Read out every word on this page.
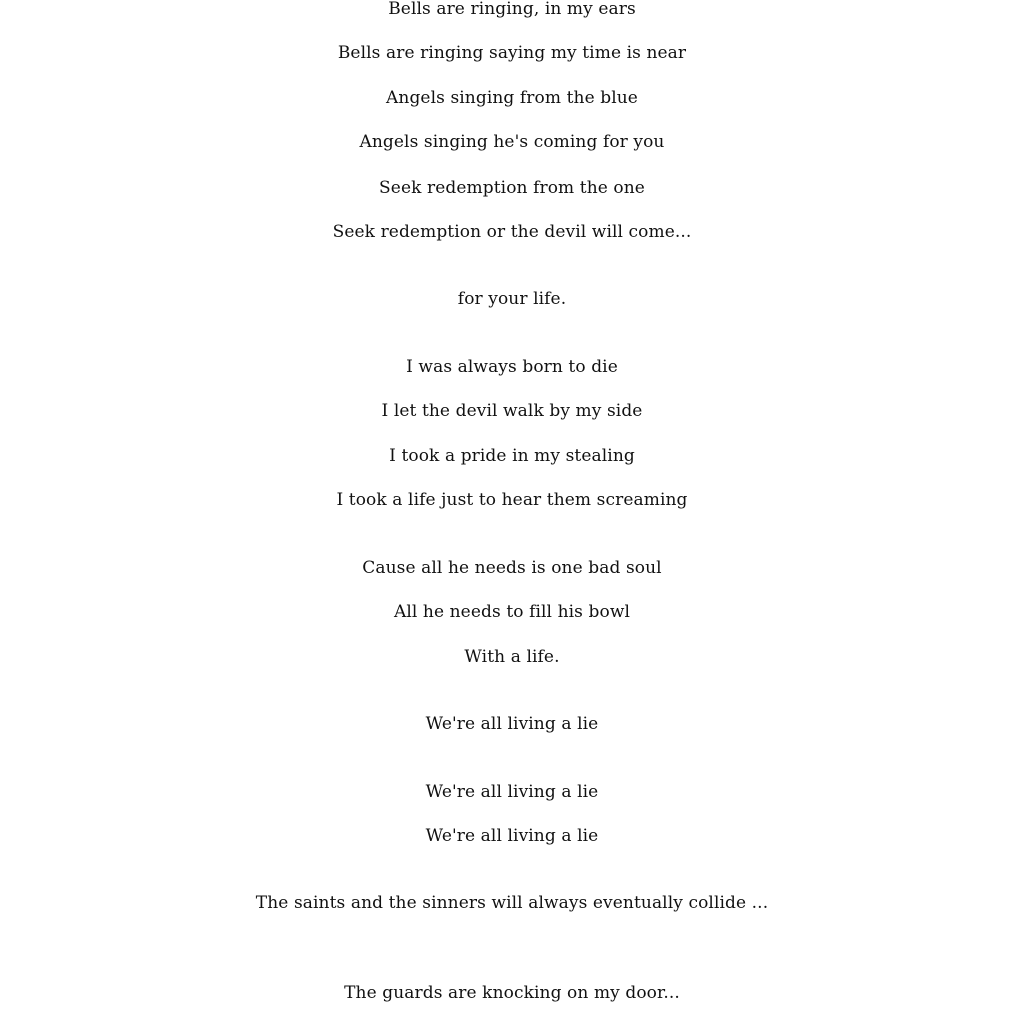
Bells are ringing, in my ears
Bells are ringing saying my time is near
Angels singing from the blue
Angels singing he's coming for you
Seek redemption from the one
Seek redemption or the devil will come...
for your life.
I was always born to die
I let the devil walk by my side
I took a pride in my stealing
I took a life just to hear them screaming
Cause all he needs is one bad soul
All he needs to fill his bowl
With a life.
We're all living a lie
We're all living a lie
We're all living a lie
The saints and the sinners will always eventually collide ...
The guards are knocking on my door...
